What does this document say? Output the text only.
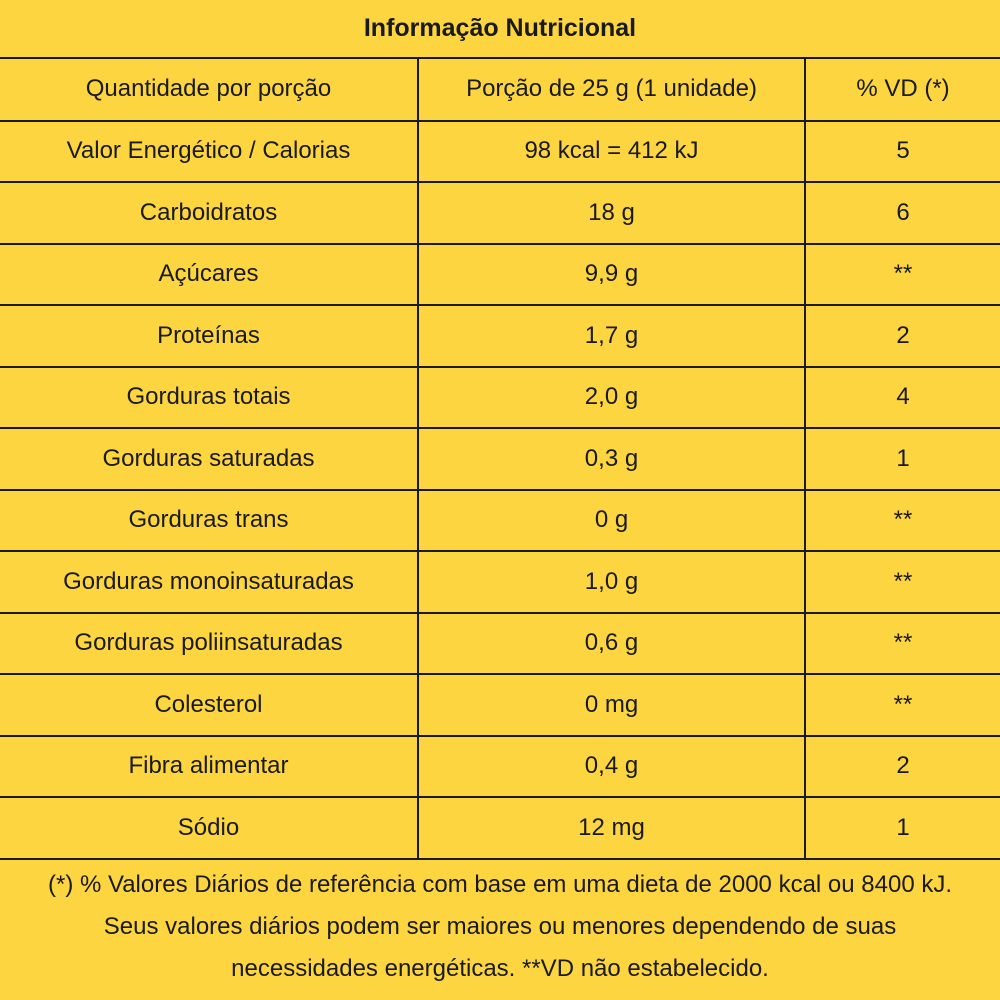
Informação Nutricional
Quantidade por porção	Porção de 25 g (1 unidade)	% VD (*)
Valor Energético / Calorias	98 kcal = 412 kJ	5
Carboidratos	18 g	6
Açúcares	9,9 g	**
Proteínas	1,7 g	2
Gorduras totais	2,0 g	4
Gorduras saturadas	0,3 g	1
Gorduras trans	0 g	**
Gorduras monoinsaturadas	1,0 g	**
Gorduras poliinsaturadas	0,6 g	**
Colesterol	0 mg	**
Fibra alimentar	0,4 g	2
Sódio	12 mg	1
(*) % Valores Diários de referência com base em uma dieta de 2000 kcal ou 8400 kJ.
Seus valores diários podem ser maiores ou menores dependendo de suas
necessidades energéticas. **VD não estabelecido.
